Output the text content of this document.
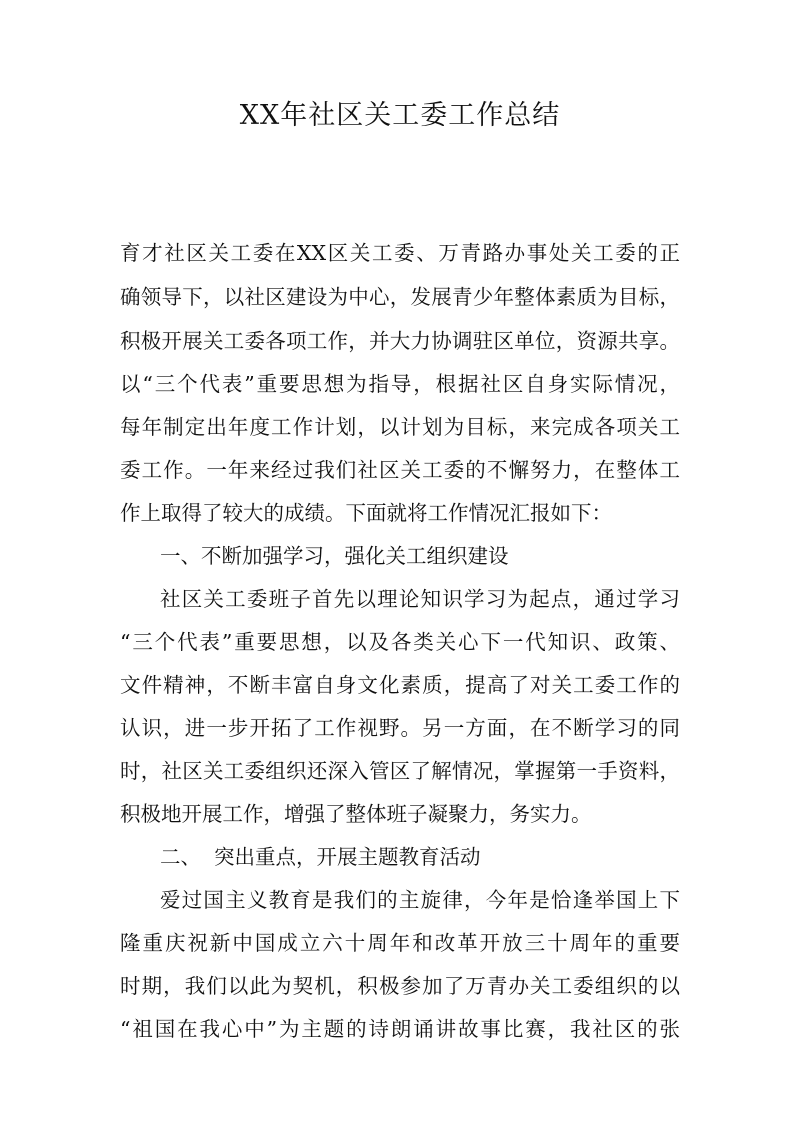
XX年社区关工委工作总结

育才社区关工委在XX区关工委、万青路办事处关工委的正

确领导下，以社区建设为中心，发展青少年整体素质为目标，

积极开展关工委各项工作，并大力协调驻区单位，资源共享。

以“三个代表”重要思想为指导，根据社区自身实际情况，

每年制定出年度工作计划，以计划为目标，来完成各项关工

委工作。一年来经过我们社区关工委的不懈努力，在整体工

作上取得了较大的成绩。下面就将工作情况汇报如下：

一、不断加强学习，强化关工组织建设

社区关工委班子首先以理论知识学习为起点，通过学习

“三个代表”重要思想，以及各类关心下一代知识、政策、

文件精神，不断丰富自身文化素质，提高了对关工委工作的

认识，进一步开拓了工作视野。另一方面，在不断学习的同

时，社区关工委组织还深入管区了解情况，掌握第一手资料，

积极地开展工作，增强了整体班子凝聚力，务实力。

二、  突出重点，开展主题教育活动

爱过国主义教育是我们的主旋律，今年是恰逢举国上下

隆重庆祝新中国成立六十周年和改革开放三十周年的重要

时期，我们以此为契机，积极参加了万青办关工委组织的以

“祖国在我心中”为主题的诗朗诵讲故事比赛，我社区的张
